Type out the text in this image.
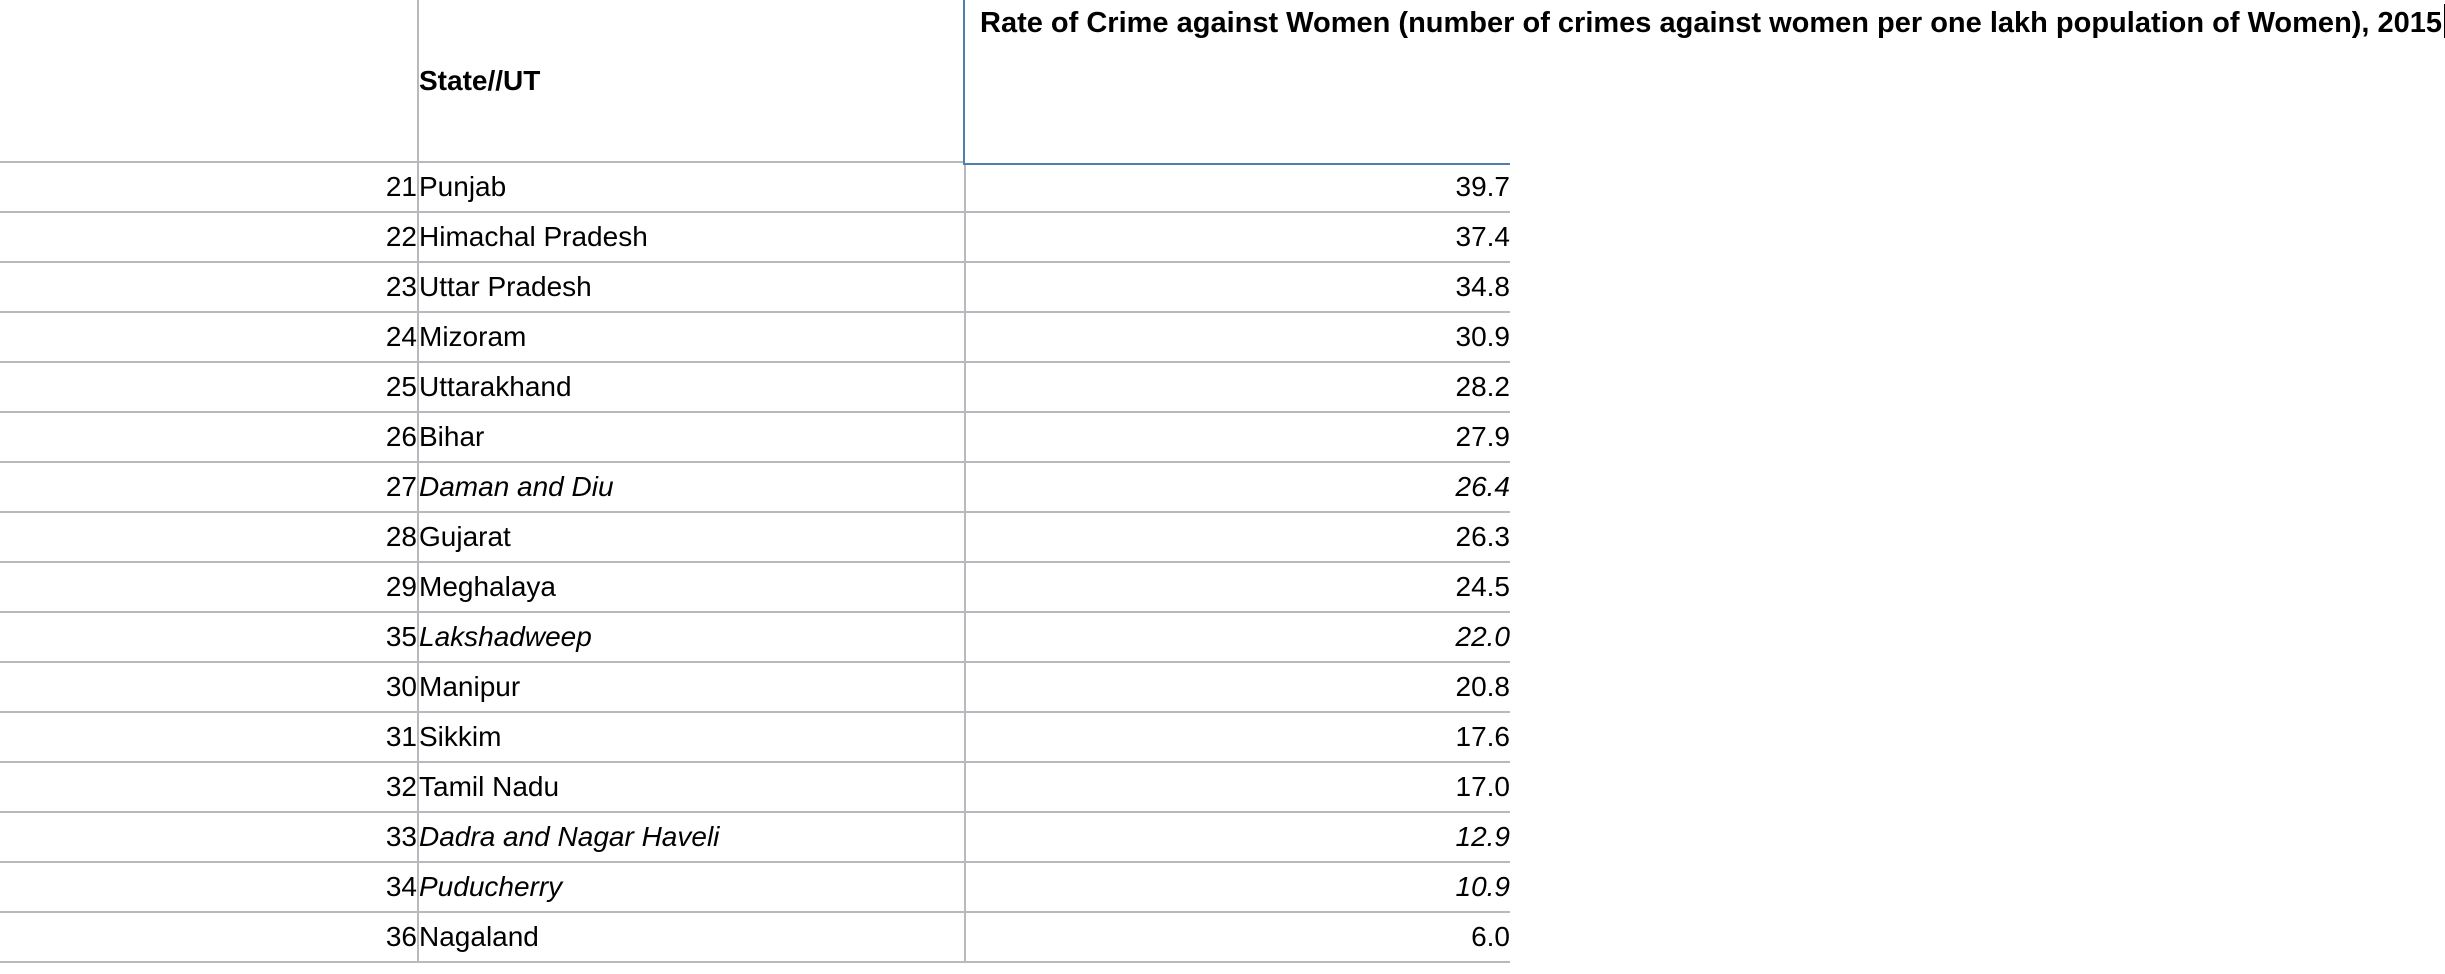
	State//UT	Rate of Crime against Women (number of crimes against women per one lakh population of Women), 2015

21	Punjab	39.7
22	Himachal Pradesh	37.4
23	Uttar Pradesh	34.8
24	Mizoram	30.9
25	Uttarakhand	28.2
26	Bihar	27.9
27	Daman and Diu	26.4
28	Gujarat	26.3
29	Meghalaya	24.5
35	Lakshadweep	22.0
30	Manipur	20.8
31	Sikkim	17.6
32	Tamil Nadu	17.0
33	Dadra and Nagar Haveli	12.9
34	Puducherry	10.9
36	Nagaland	6.0
